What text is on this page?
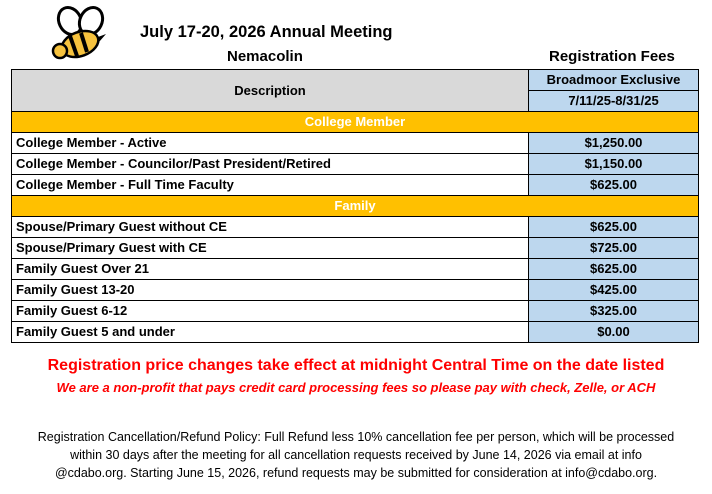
July 17-20, 2026 Annual Meeting
Nemacolin	Registration Fees
Description	Broadmoor Exclusive
	7/11/25-8/31/25
College Member	
College Member - Active	$1,250.00
College Member - Councilor/Past President/Retired	$1,150.00
College Member - Full Time Faculty	$625.00
Family	
Spouse/Primary Guest without CE	$625.00
Spouse/Primary Guest with CE	$725.00
Family Guest Over 21	$625.00
Family Guest 13-20	$425.00
Family Guest 6-12	$325.00
Family Guest 5 and under	$0.00
Registration price changes take effect at midnight Central Time on the date listed
We are a non-profit that pays credit card processing fees so please pay with check, Zelle, or ACH
Registration Cancellation/Refund Policy: Full Refund less 10% cancellation fee per person, which will be processed
within 30 days after the meeting for all cancellation requests received by June 14, 2026 via email at info
@cdabo.org. Starting June 15, 2026, refund requests may be submitted for consideration at info@cdabo.org.
